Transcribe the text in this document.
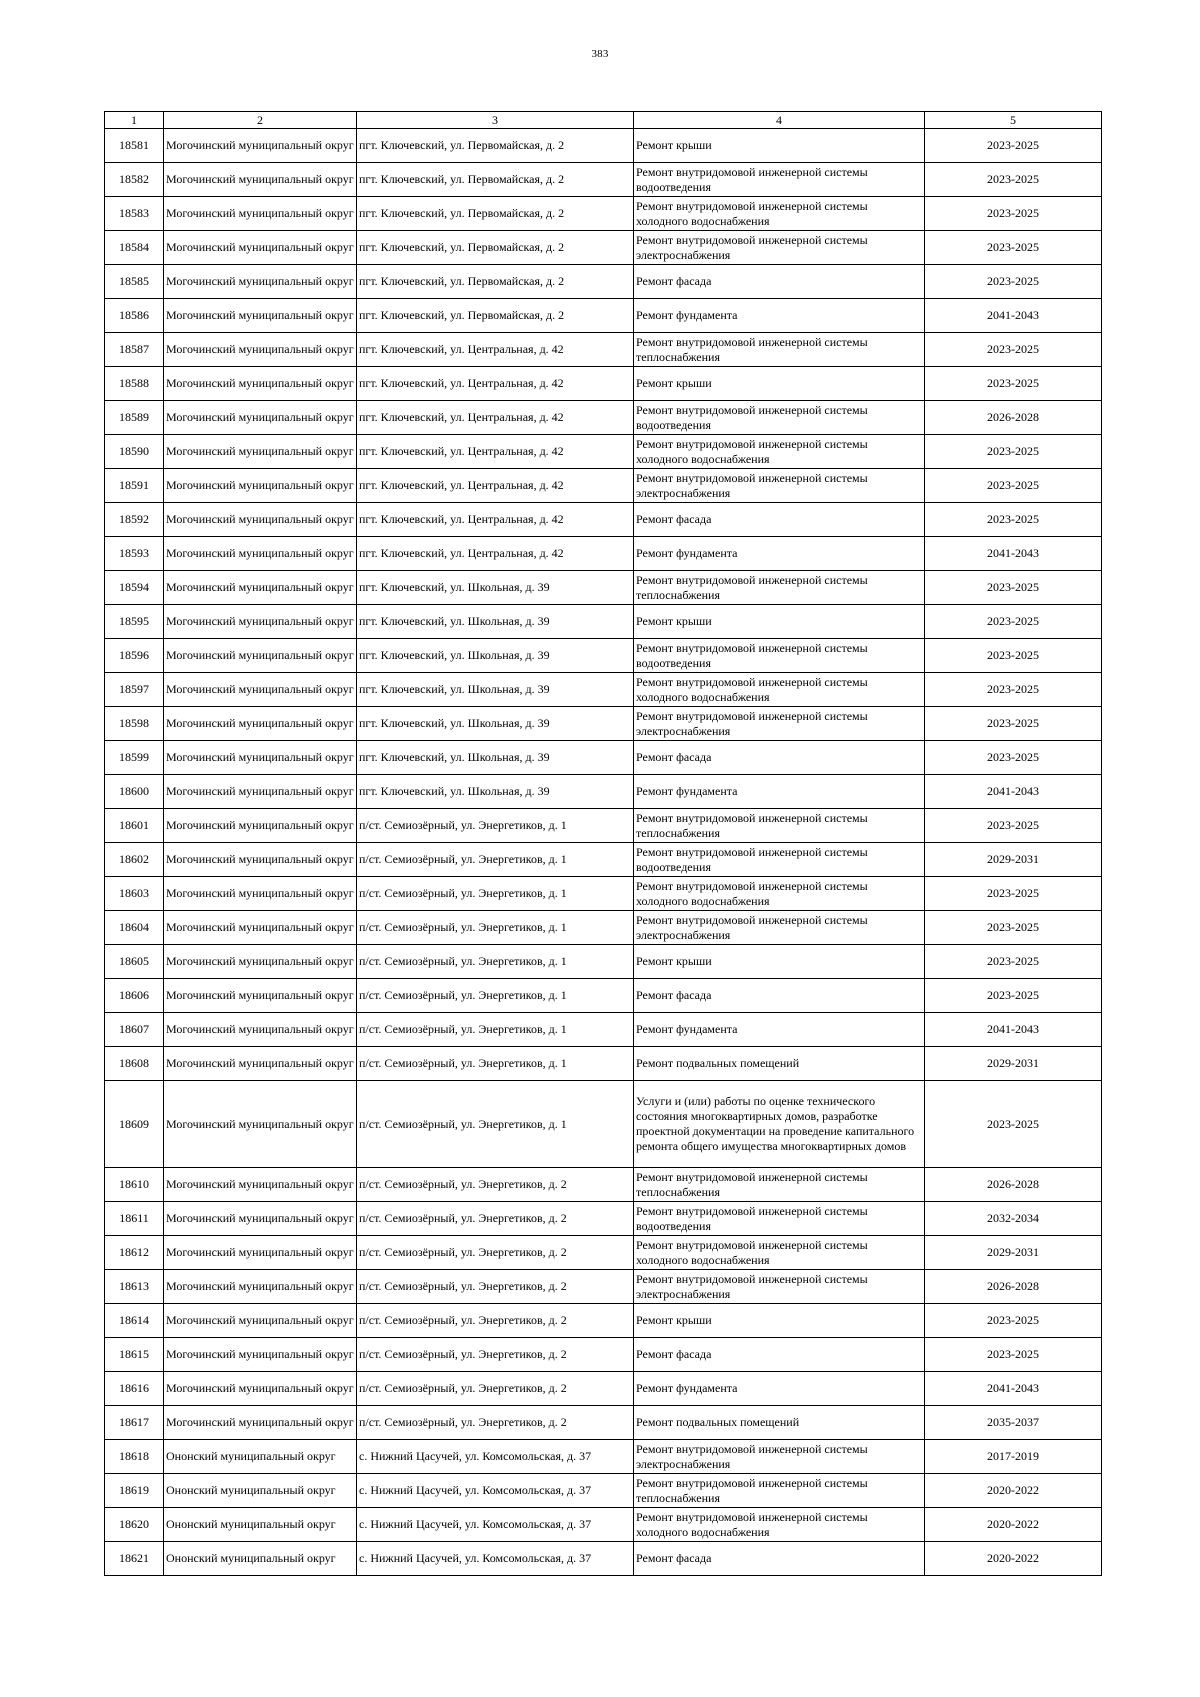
383
1	2	3	4	5
18581	Могочинский муниципальный округ	пгт. Ключевский, ул. Первомайская, д. 2	Ремонт крыши	2023-2025
18582	Могочинский муниципальный округ	пгт. Ключевский, ул. Первомайская, д. 2	Ремонт внутридомовой инженерной системы водоотведения	2023-2025
18583	Могочинский муниципальный округ	пгт. Ключевский, ул. Первомайская, д. 2	Ремонт внутридомовой инженерной системы холодного водоснабжения	2023-2025
18584	Могочинский муниципальный округ	пгт. Ключевский, ул. Первомайская, д. 2	Ремонт внутридомовой инженерной системы электроснабжения	2023-2025
18585	Могочинский муниципальный округ	пгт. Ключевский, ул. Первомайская, д. 2	Ремонт фасада	2023-2025
18586	Могочинский муниципальный округ	пгт. Ключевский, ул. Первомайская, д. 2	Ремонт фундамента	2041-2043
18587	Могочинский муниципальный округ	пгт. Ключевский, ул. Центральная, д. 42	Ремонт внутридомовой инженерной системы теплоснабжения	2023-2025
18588	Могочинский муниципальный округ	пгт. Ключевский, ул. Центральная, д. 42	Ремонт крыши	2023-2025
18589	Могочинский муниципальный округ	пгт. Ключевский, ул. Центральная, д. 42	Ремонт внутридомовой инженерной системы водоотведения	2026-2028
18590	Могочинский муниципальный округ	пгт. Ключевский, ул. Центральная, д. 42	Ремонт внутридомовой инженерной системы холодного водоснабжения	2023-2025
18591	Могочинский муниципальный округ	пгт. Ключевский, ул. Центральная, д. 42	Ремонт внутридомовой инженерной системы электроснабжения	2023-2025
18592	Могочинский муниципальный округ	пгт. Ключевский, ул. Центральная, д. 42	Ремонт фасада	2023-2025
18593	Могочинский муниципальный округ	пгт. Ключевский, ул. Центральная, д. 42	Ремонт фундамента	2041-2043
18594	Могочинский муниципальный округ	пгт. Ключевский, ул. Школьная, д. 39	Ремонт внутридомовой инженерной системы теплоснабжения	2023-2025
18595	Могочинский муниципальный округ	пгт. Ключевский, ул. Школьная, д. 39	Ремонт крыши	2023-2025
18596	Могочинский муниципальный округ	пгт. Ключевский, ул. Школьная, д. 39	Ремонт внутридомовой инженерной системы водоотведения	2023-2025
18597	Могочинский муниципальный округ	пгт. Ключевский, ул. Школьная, д. 39	Ремонт внутридомовой инженерной системы холодного водоснабжения	2023-2025
18598	Могочинский муниципальный округ	пгт. Ключевский, ул. Школьная, д. 39	Ремонт внутридомовой инженерной системы электроснабжения	2023-2025
18599	Могочинский муниципальный округ	пгт. Ключевский, ул. Школьная, д. 39	Ремонт фасада	2023-2025
18600	Могочинский муниципальный округ	пгт. Ключевский, ул. Школьная, д. 39	Ремонт фундамента	2041-2043
18601	Могочинский муниципальный округ	п/ст. Семиозёрный, ул. Энергетиков, д. 1	Ремонт внутридомовой инженерной системы теплоснабжения	2023-2025
18602	Могочинский муниципальный округ	п/ст. Семиозёрный, ул. Энергетиков, д. 1	Ремонт внутридомовой инженерной системы водоотведения	2029-2031
18603	Могочинский муниципальный округ	п/ст. Семиозёрный, ул. Энергетиков, д. 1	Ремонт внутридомовой инженерной системы холодного водоснабжения	2023-2025
18604	Могочинский муниципальный округ	п/ст. Семиозёрный, ул. Энергетиков, д. 1	Ремонт внутридомовой инженерной системы электроснабжения	2023-2025
18605	Могочинский муниципальный округ	п/ст. Семиозёрный, ул. Энергетиков, д. 1	Ремонт крыши	2023-2025
18606	Могочинский муниципальный округ	п/ст. Семиозёрный, ул. Энергетиков, д. 1	Ремонт фасада	2023-2025
18607	Могочинский муниципальный округ	п/ст. Семиозёрный, ул. Энергетиков, д. 1	Ремонт фундамента	2041-2043
18608	Могочинский муниципальный округ	п/ст. Семиозёрный, ул. Энергетиков, д. 1	Ремонт подвальных помещений	2029-2031
18609	Могочинский муниципальный округ	п/ст. Семиозёрный, ул. Энергетиков, д. 1	Услуги и (или) работы по оценке технического состояния многоквартирных домов, разработке проектной документации на проведение капитального ремонта общего имущества многоквартирных домов	2023-2025
18610	Могочинский муниципальный округ	п/ст. Семиозёрный, ул. Энергетиков, д. 2	Ремонт внутридомовой инженерной системы теплоснабжения	2026-2028
18611	Могочинский муниципальный округ	п/ст. Семиозёрный, ул. Энергетиков, д. 2	Ремонт внутридомовой инженерной системы водоотведения	2032-2034
18612	Могочинский муниципальный округ	п/ст. Семиозёрный, ул. Энергетиков, д. 2	Ремонт внутридомовой инженерной системы холодного водоснабжения	2029-2031
18613	Могочинский муниципальный округ	п/ст. Семиозёрный, ул. Энергетиков, д. 2	Ремонт внутридомовой инженерной системы электроснабжения	2026-2028
18614	Могочинский муниципальный округ	п/ст. Семиозёрный, ул. Энергетиков, д. 2	Ремонт крыши	2023-2025
18615	Могочинский муниципальный округ	п/ст. Семиозёрный, ул. Энергетиков, д. 2	Ремонт фасада	2023-2025
18616	Могочинский муниципальный округ	п/ст. Семиозёрный, ул. Энергетиков, д. 2	Ремонт фундамента	2041-2043
18617	Могочинский муниципальный округ	п/ст. Семиозёрный, ул. Энергетиков, д. 2	Ремонт подвальных помещений	2035-2037
18618	Ононский муниципальный округ	с. Нижний Цасучей, ул. Комсомольская, д. 37	Ремонт внутридомовой инженерной системы электроснабжения	2017-2019
18619	Ононский муниципальный округ	с. Нижний Цасучей, ул. Комсомольская, д. 37	Ремонт внутридомовой инженерной системы теплоснабжения	2020-2022
18620	Ононский муниципальный округ	с. Нижний Цасучей, ул. Комсомольская, д. 37	Ремонт внутридомовой инженерной системы холодного водоснабжения	2020-2022
18621	Ононский муниципальный округ	с. Нижний Цасучей, ул. Комсомольская, д. 37	Ремонт фасада	2020-2022
